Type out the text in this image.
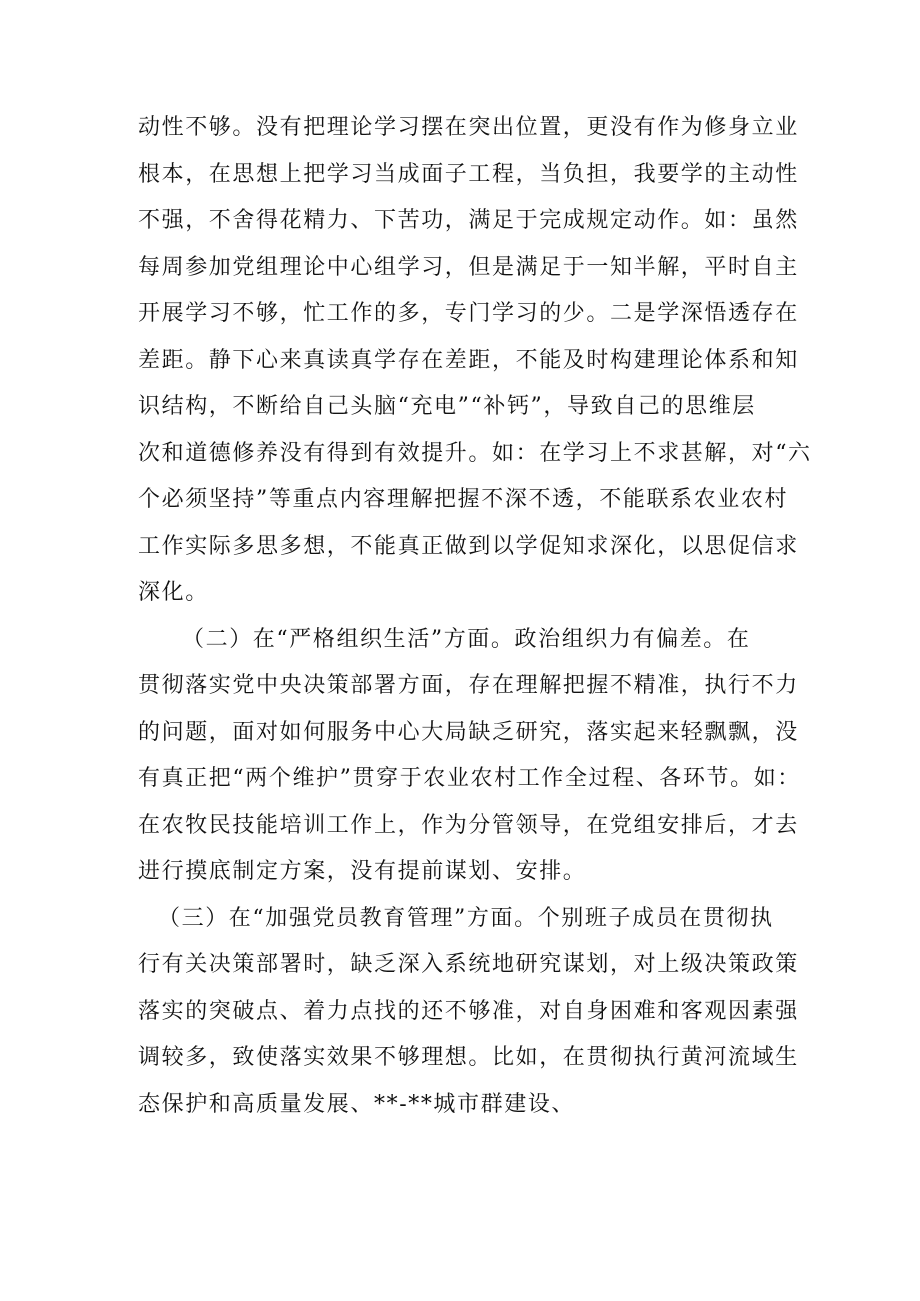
动性不够。没有把理论学习摆在突出位置，更没有作为修身立业
根本，在思想上把学习当成面子工程，当负担，我要学的主动性
不强，不舍得花精力、下苦功，满足于完成规定动作。如：虽然
每周参加党组理论中心组学习，但是满足于一知半解，平时自主
开展学习不够，忙工作的多，专门学习的少。二是学深悟透存在
差距。静下心来真读真学存在差距，不能及时构建理论体系和知
识结构，不断给自己头脑“充电”“补钙”，导致自己的思维层
次和道德修养没有得到有效提升。如：在学习上不求甚解，对“六
个必须坚持”等重点内容理解把握不深不透，不能联系农业农村
工作实际多思多想，不能真正做到以学促知求深化，以思促信求
深化。
（二）在“严格组织生活”方面。政治组织力有偏差。在
贯彻落实党中央决策部署方面，存在理解把握不精准，执行不力
的问题，面对如何服务中心大局缺乏研究，落实起来轻飘飘，没
有真正把“两个维护”贯穿于农业农村工作全过程、各环节。如：
在农牧民技能培训工作上，作为分管领导，在党组安排后，才去
进行摸底制定方案，没有提前谋划、安排。
（三）在“加强党员教育管理”方面。个别班子成员在贯彻执
行有关决策部署时，缺乏深入系统地研究谋划，对上级决策政策
落实的突破点、着力点找的还不够准，对自身困难和客观因素强
调较多，致使落实效果不够理想。比如，在贯彻执行黄河流域生
态保护和高质量发展、**-**城市群建设、
